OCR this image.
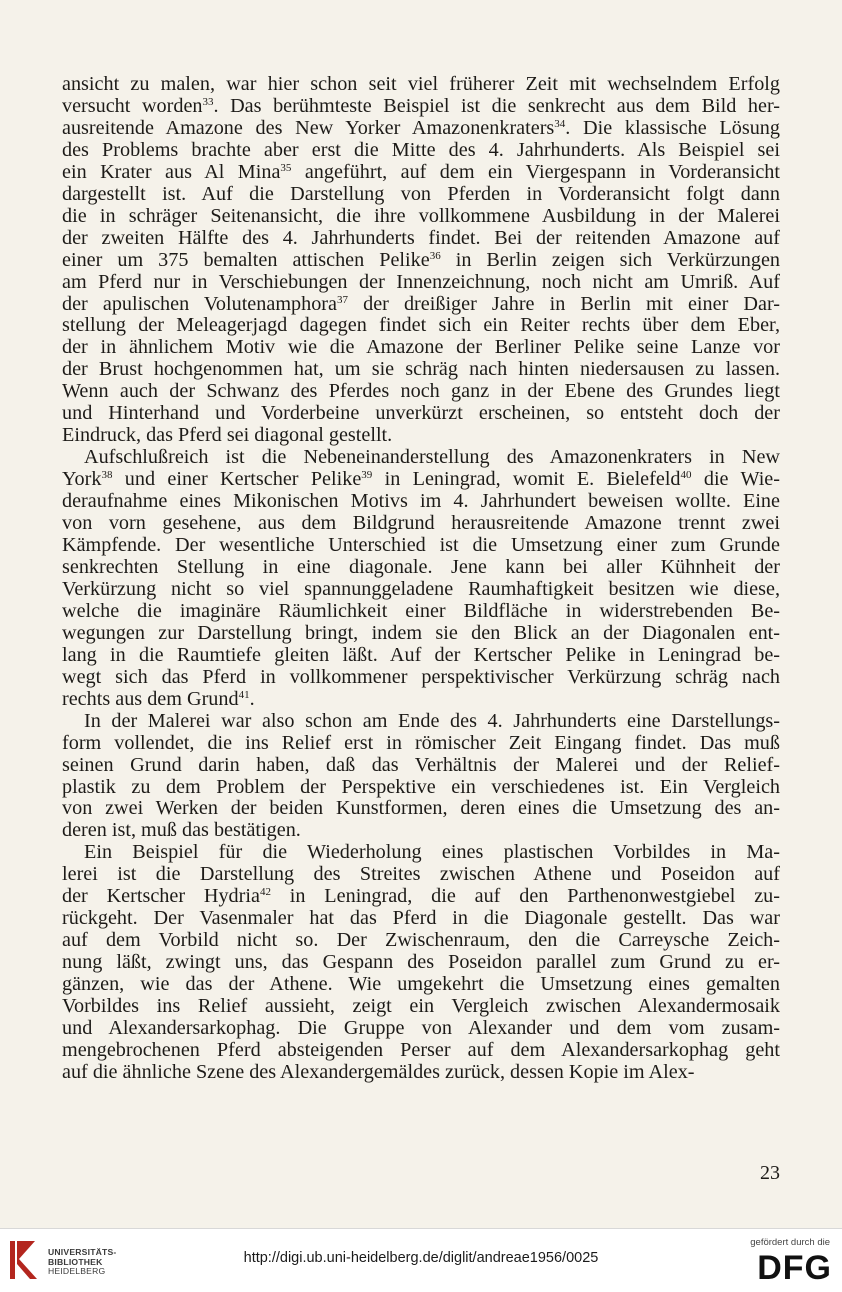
ansicht zu malen, war hier schon seit viel früherer Zeit mit wechselndem Erfolg
versucht worden$^{33}$. Das berühmteste Beispiel ist die senkrecht aus dem Bild her-
ausreitende Amazone des New Yorker Amazonenkraters$^{34}$. Die klassische Lösung
des Problems brachte aber erst die Mitte des 4. Jahrhunderts. Als Beispiel sei
ein Krater aus Al Mina$^{35}$ angeführt, auf dem ein Viergespann in Vorderansicht
dargestellt ist. Auf die Darstellung von Pferden in Vorderansicht folgt dann
die in schräger Seitenansicht, die ihre vollkommene Ausbildung in der Malerei
der zweiten Hälfte des 4. Jahrhunderts findet. Bei der reitenden Amazone auf
einer um 375 bemalten attischen Pelike$^{36}$ in Berlin zeigen sich Verkürzungen
am Pferd nur in Verschiebungen der Innenzeichnung, noch nicht am Umriß. Auf
der apulischen Volutenamphora$^{37}$ der dreißiger Jahre in Berlin mit einer Dar-
stellung der Meleagerjagd dagegen findet sich ein Reiter rechts über dem Eber,
der in ähnlichem Motiv wie die Amazone der Berliner Pelike seine Lanze vor
der Brust hochgenommen hat, um sie schräg nach hinten niedersausen zu lassen.
Wenn auch der Schwanz des Pferdes noch ganz in der Ebene des Grundes liegt
und Hinterhand und Vorderbeine unverkürzt erscheinen, so entsteht doch der
Eindruck, das Pferd sei diagonal gestellt.
Aufschlußreich ist die Nebeneinanderstellung des Amazonenkraters in New
York$^{38}$ und einer Kertscher Pelike$^{39}$ in Leningrad, womit E. Bielefeld$^{40}$ die Wie-
deraufnahme eines Mikonischen Motivs im 4. Jahrhundert beweisen wollte. Eine
von vorn gesehene, aus dem Bildgrund herausreitende Amazone trennt zwei
Kämpfende. Der wesentliche Unterschied ist die Umsetzung einer zum Grunde
senkrechten Stellung in eine diagonale. Jene kann bei aller Kühnheit der
Verkürzung nicht so viel spannunggeladene Raumhaftigkeit besitzen wie diese,
welche die imaginäre Räumlichkeit einer Bildfläche in widerstrebenden Be-
wegungen zur Darstellung bringt, indem sie den Blick an der Diagonalen ent-
lang in die Raumtiefe gleiten läßt. Auf der Kertscher Pelike in Leningrad be-
wegt sich das Pferd in vollkommener perspektivischer Verkürzung schräg nach
rechts aus dem Grund$^{41}$.
In der Malerei war also schon am Ende des 4. Jahrhunderts eine Darstellungs-
form vollendet, die ins Relief erst in römischer Zeit Eingang findet. Das muß
seinen Grund darin haben, daß das Verhältnis der Malerei und der Relief-
plastik zu dem Problem der Perspektive ein verschiedenes ist. Ein Vergleich
von zwei Werken der beiden Kunstformen, deren eines die Umsetzung des an-
deren ist, muß das bestätigen.
Ein Beispiel für die Wiederholung eines plastischen Vorbildes in Ma-
lerei ist die Darstellung des Streites zwischen Athene und Poseidon auf
der Kertscher Hydria$^{42}$ in Leningrad, die auf den Parthenonwestgiebel zu-
rückgeht. Der Vasenmaler hat das Pferd in die Diagonale gestellt. Das war
auf dem Vorbild nicht so. Der Zwischenraum, den die Carreysche Zeich-
nung läßt, zwingt uns, das Gespann des Poseidon parallel zum Grund zu er-
gänzen, wie das der Athene. Wie umgekehrt die Umsetzung eines gemalten
Vorbildes ins Relief aussieht, zeigt ein Vergleich zwischen Alexandermosaik
und Alexandersarkophag. Die Gruppe von Alexander und dem vom zusam-
mengebrochenen Pferd absteigenden Perser auf dem Alexandersarkophag geht
auf die ähnliche Szene des Alexandergemäldes zurück, dessen Kopie im Alex-
23
UNIVERSITÄTS-
BIBLIOTHEK
HEIDELBERG
http://digi.ub.uni-heidelberg.de/diglit/andreae1956/0025
gefördert durch die
DFG
